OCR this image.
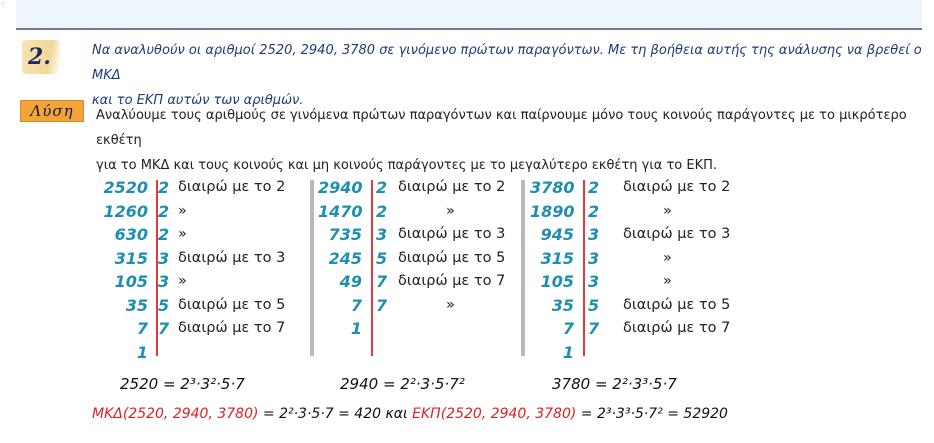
⁘
2.	Να αναλυθούν οι αριθμοί 2520, 2940, 3780 σε γινόμενο πρώτων παραγόντων. Με τη βοήθεια αυτής της ανάλυσης να βρεθεί ο ΜΚΔ
και το ΕΚΠ αυτών των αριθμών.
Λύση	Αναλύουμε τους αριθμούς σε γινόμενα πρώτων παραγόντων και παίρνουμε μόνο τους κοινούς παράγοντες με το μικρότερο εκθέτη
για το ΜΚΔ και τους κοινούς και μη κοινούς παράγοντες με το μεγαλύτερο εκθέτη για το ΕΚΠ.
2520 2 διαιρώ με το 2
1260 2 »
630 2 »
315 3 διαιρώ με το 3
105 3 »
35 5 διαιρώ με το 5
7 7 διαιρώ με το 7
1
2940 2 διαιρώ με το 2
1470 2	»
735 3 διαιρώ με το 3
245 5 διαιρώ με το 5
49 7 διαιρώ με το 7
7 7	»
1
3780 2 διαιρώ με το 2
1890 2	»
945 3 διαιρώ με το 3
315 3	»
105 3	»
35 5 διαιρώ με το 5
7 7 διαιρώ με το 7
1
2520 = 2³·3²·5·7	2940 = 2²·3·5·7²	3780 = 2²·3³·5·7
ΜΚΔ(2520, 2940, 3780) = 2²·3·5·7 = 420 και ΕΚΠ(2520, 2940, 3780) = 2³·3³·5·7² = 52920
